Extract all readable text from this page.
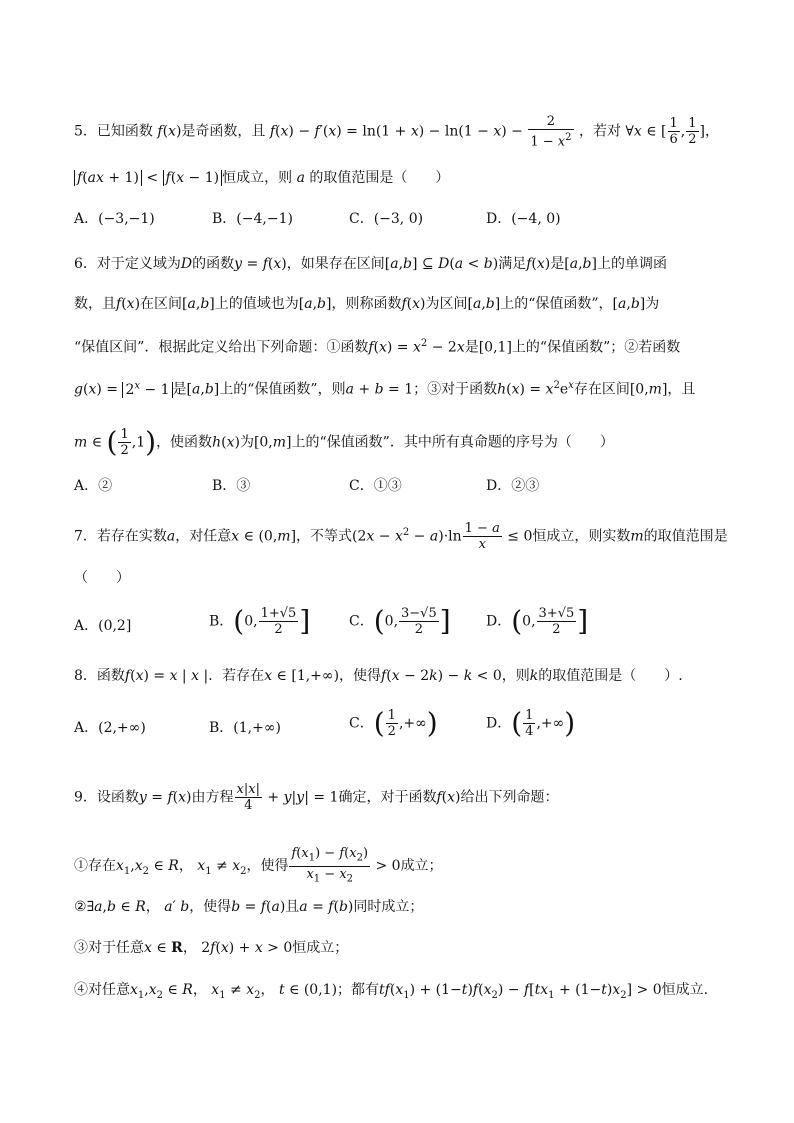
5．已知函数 f(x)是奇函数，且 $f(x) - f'(x) = \ln(1 + x) - \ln(1 - x) - \frac{2}{1 - x^2}$ ，若对 ∀x ∈ [ $\frac{1}{6}$ , $\frac{1}{2}$ ]，
f(ax + 1) < f(x − 1) 恒成立，则 a 的取值范围是（　　）
A．(−3,−1)	B．(−4,−1)	C．(−3, 0)	D．(−4, 0)
6．对于定义域为D的函数y = f(x)，如果存在区间[a,b] ⊆ D(a < b)满足f(x)是[a,b]上的单调函
数，且f(x)在区间[a,b]上的值域也为[a,b]，则称函数f(x)为区间[a,b]上的“保值函数”，[a,b]为
“保值区间”．根据此定义给出下列命题：①函数$f(x) = x^2 - 2x$是[0,1]上的“保值函数”；②若函数
$g(x) = 2^x - 1$ 是[a,b]上的“保值函数”，则a + b = 1；③对于函数$h(x) = x^2e^x$存在区间[0,m]，且
m ∈ ( $\frac{1}{2} ,1$)，使函数h(x)为[0,m]上的“保值函数”．其中所有真命题的序号为（　　）
A．②	B．③	C．①③	D．②③
7．若存在实数a，对任意x ∈ (0,m]，不等式$(2x - x^2 - a)\cdot\ln \frac{1 - a}{x} \le 0$恒成立，则实数m的取值范围是
（　　）
A．(0,2]	B．(0, $\frac{1+√5}{2}$ ]	C．(0, $\frac{3-√5}{2}$ ]	D．(0, $\frac{3+√5}{2}$ ]
8．函数f(x) = x | x |．若存在x ∈ [1,+∞)，使得f(x − 2k) − k < 0，则k的取值范围是（　　）.
A．(2,+∞)	B．(1,+∞)	C．( $\frac{1}{2}$ ,+∞)	D．( $\frac{1}{4}$ ,+∞)
9．设函数y = f(x)由方程 $\frac{x|x|}{4} + y|y| = 1$确定，对于函数f(x)给出下列命题：
①存在$x_1,x_2$ ∈ R， $x_1 \ne x_2$，使得 $\frac{f(x_1) - f(x_2)}{x_1 - x_2} > 0$成立；
②∃a,b ∈ R， a′ b，使得b = f(a)且a = f(b)同时成立；
③对于任意x ∈ R， 2f(x) + x > 0恒成立；
④对任意$x_1,x_2$ ∈ R， $x_1 \ne x_2$， t ∈ (0,1)；都有$tf(x_1) + (1-t)f(x_2) - f[tx_1 + (1-t)x_2] > 0$恒成立.
